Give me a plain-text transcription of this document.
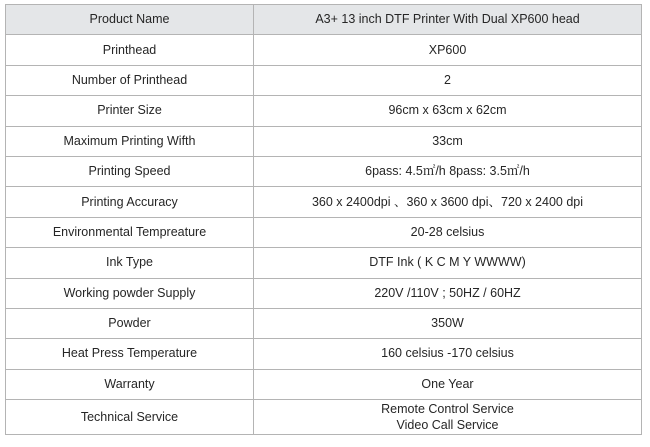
Product Name	A3+ 13 inch DTF Printer With Dual XP600 head
Printhead	XP600
Number of Printhead	2
Printer Size	96cm x 63cm x 62cm
Maximum Printing Wifth	33cm
Printing Speed	6pass: 4.5㎡/h 8pass: 3.5㎡/h
Printing Accuracy	360 x 2400dpi 、360 x 3600 dpi、720 x 2400 dpi
Environmental Tempreature	20-28 celsius
Ink Type	DTF Ink ( K C M Y WWWW)
Working powder Supply	220V /110V ; 50HZ / 60HZ
Powder	350W
Heat Press Temperature	160 celsius -170 celsius
Warranty	One Year
Technical Service	Remote Control Service
Video Call Service
